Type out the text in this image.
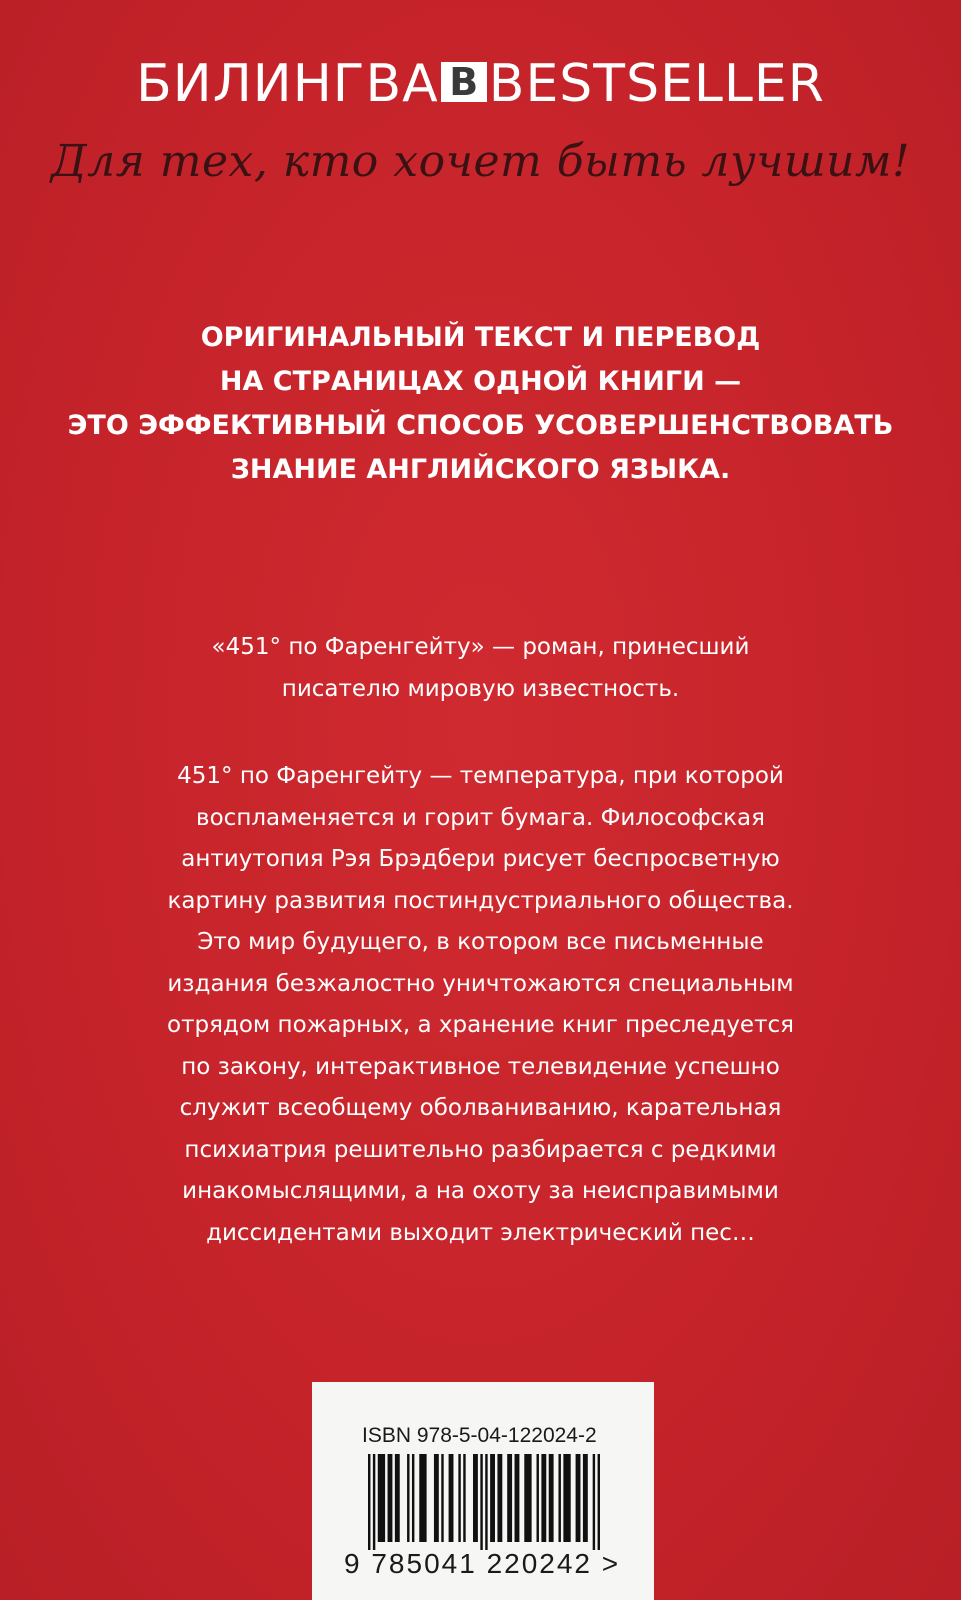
БИЛИНГВА B BESTSELLER
Для тех, кто хочет быть лучшим!
ОРИГИНАЛЬНЫЙ ТЕКСТ И ПЕРЕВОД
НА СТРАНИЦАХ ОДНОЙ КНИГИ —
ЭТО ЭФФЕКТИВНЫЙ СПОСОБ УСОВЕРШЕНСТВОВАТЬ
ЗНАНИЕ АНГЛИЙСКОГО ЯЗЫКА.
«451° по Фаренгейту» — роман, принесший
писателю мировую известность.
451° по Фаренгейту — температура, при которой
воспламеняется и горит бумага. Философская
антиутопия Рэя Брэдбери рисует беспросветную
картину развития постиндустриального общества.
Это мир будущего, в котором все письменные
издания безжалостно уничтожаются специальным
отрядом пожарных, а хранение книг преследуется
по закону, интерактивное телевидение успешно
служит всеобщему оболваниванию, карательная
психиатрия решительно разбирается с редкими
инакомыслящими, а на охоту за неисправимыми
диссидентами выходит электрический пес…
ISBN 978-5-04-122024-2
9 785041 220242 >
